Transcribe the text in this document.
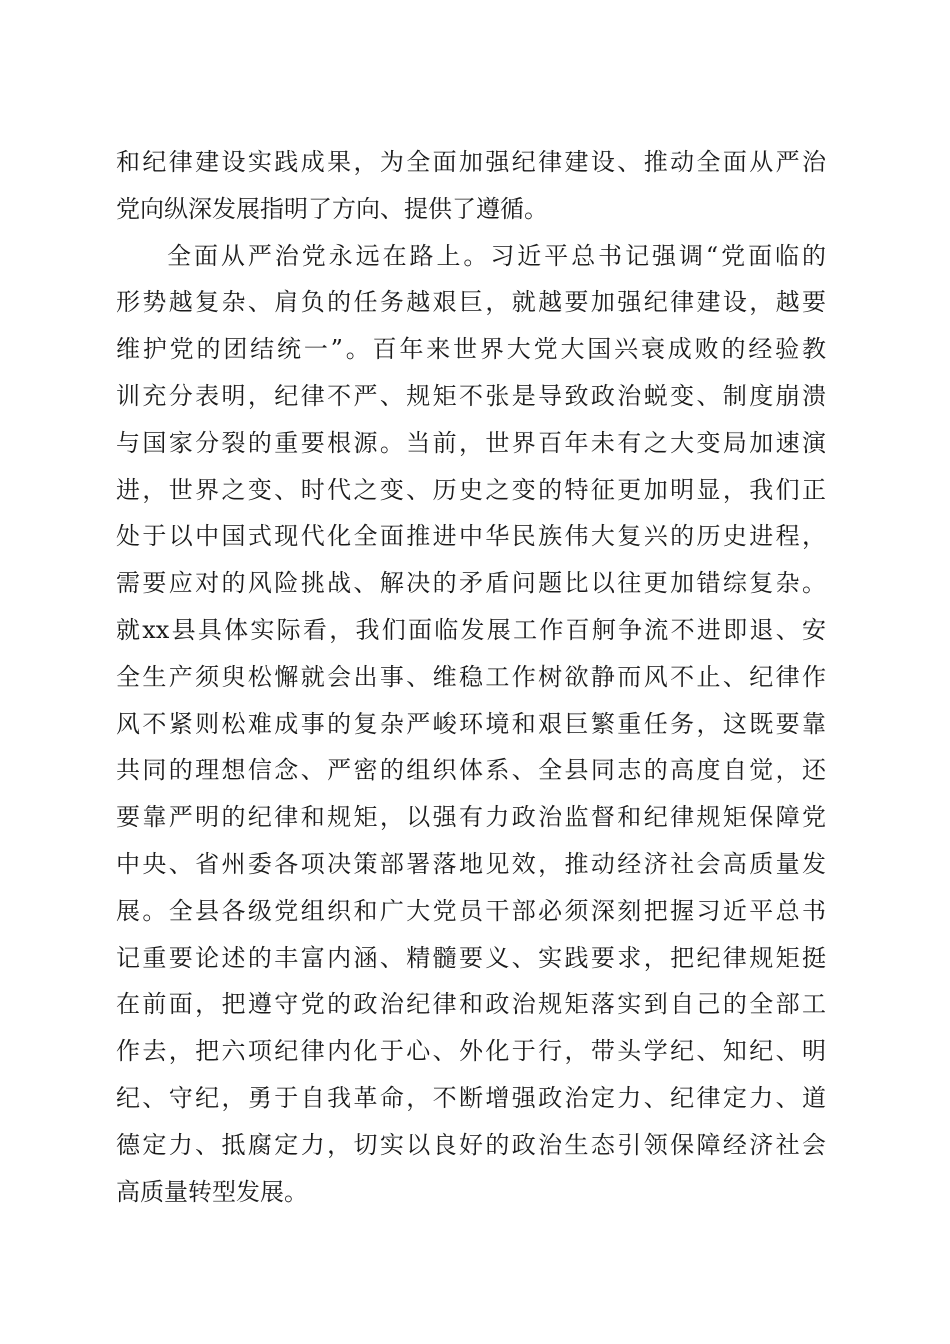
和纪律建设实践成果，为全面加强纪律建设、推动全面从严治
党向纵深发展指明了方向、提供了遵循。
全面从严治党永远在路上。习近平总书记强调“党面临的
形势越复杂、肩负的任务越艰巨，就越要加强纪律建设，越要
维护党的团结统一”。百年来世界大党大国兴衰成败的经验教
训充分表明，纪律不严、规矩不张是导致政治蜕变、制度崩溃
与国家分裂的重要根源。当前，世界百年未有之大变局加速演
进，世界之变、时代之变、历史之变的特征更加明显，我们正
处于以中国式现代化全面推进中华民族伟大复兴的历史进程，
需要应对的风险挑战、解决的矛盾问题比以往更加错综复杂。
就xx县具体实际看，我们面临发展工作百舸争流不进即退、安
全生产须臾松懈就会出事、维稳工作树欲静而风不止、纪律作
风不紧则松难成事的复杂严峻环境和艰巨繁重任务，这既要靠
共同的理想信念、严密的组织体系、全县同志的高度自觉，还
要靠严明的纪律和规矩，以强有力政治监督和纪律规矩保障党
中央、省州委各项决策部署落地见效，推动经济社会高质量发
展。全县各级党组织和广大党员干部必须深刻把握习近平总书
记重要论述的丰富内涵、精髓要义、实践要求，把纪律规矩挺
在前面，把遵守党的政治纪律和政治规矩落实到自己的全部工
作去，把六项纪律内化于心、外化于行，带头学纪、知纪、明
纪、守纪，勇于自我革命，不断增强政治定力、纪律定力、道
德定力、抵腐定力，切实以良好的政治生态引领保障经济社会
高质量转型发展。
